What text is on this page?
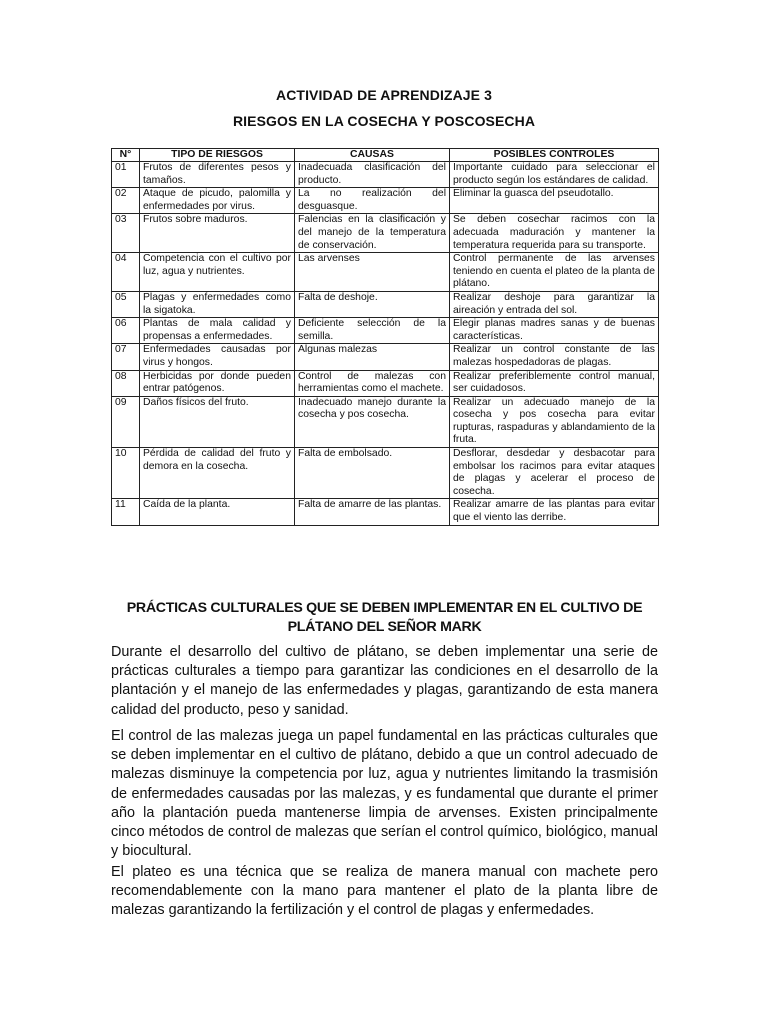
ACTIVIDAD DE APRENDIZAJE 3
RIESGOS EN LA COSECHA Y POSCOSECHA
N°	TIPO DE RIESGOS	CAUSAS	POSIBLES CONTROLES
01	Frutos de diferentes pesos y tamaños.	Inadecuada clasificación del producto.	Importante cuidado para seleccionar el producto según los estándares de calidad.
02	Ataque de picudo, palomilla y enfermedades por virus.	La no realización del desguasque.	Eliminar la guasca del pseudotallo.
03	Frutos sobre maduros.	Falencias en la clasificación y del manejo de la temperatura de conservación.	Se deben cosechar racimos con la adecuada maduración y mantener la temperatura requerida para su transporte.
04	Competencia con el cultivo por luz, agua y nutrientes.	Las arvenses	Control permanente de las arvenses teniendo en cuenta el plateo de la planta de plátano.
05	Plagas y enfermedades como la sigatoka.	Falta de deshoje.	Realizar deshoje para garantizar la aireación y entrada del sol.
06	Plantas de mala calidad y propensas a enfermedades.	Deficiente selección de la semilla.	Elegir planas madres sanas y de buenas características.
07	Enfermedades causadas por virus y hongos.	Algunas malezas	Realizar un control constante de las malezas hospedadoras de plagas.
08	Herbicidas por donde pueden entrar patógenos.	Control de malezas con herramientas como el machete.	Realizar preferiblemente control manual, ser cuidadosos.
09	Daños físicos del fruto.	Inadecuado manejo durante la cosecha y pos cosecha.	Realizar un adecuado manejo de la cosecha y pos cosecha para evitar rupturas, raspaduras y ablandamiento de la fruta.
10	Pérdida de calidad del fruto y demora en la cosecha.	Falta de embolsado.	Desflorar, desdedar y desbacotar para embolsar los racimos para evitar ataques de plagas y acelerar el proceso de cosecha.
11	Caída de la planta.	Falta de amarre de las plantas.	Realizar amarre de las plantas para evitar que el viento las derribe.
PRÁCTICAS CULTURALES QUE SE DEBEN IMPLEMENTAR EN EL CULTIVO DE PLÁTANO DEL SEÑOR MARK

Durante el desarrollo del cultivo de plátano, se deben implementar una serie de prácticas culturales a tiempo para garantizar las condiciones en el desarrollo de la plantación y el manejo de las enfermedades y plagas, garantizando de esta manera calidad del producto, peso y sanidad.

El control de las malezas juega un papel fundamental en las prácticas culturales que se deben implementar en el cultivo de plátano, debido a que un control adecuado de malezas disminuye la competencia por luz, agua y nutrientes limitando la trasmisión de enfermedades causadas por las malezas, y es fundamental que durante el primer año la plantación pueda mantenerse limpia de arvenses. Existen principalmente cinco métodos de control de malezas que serían el control químico, biológico, manual y biocultural.

El plateo es una técnica que se realiza de manera manual con machete pero recomendablemente con la mano para mantener el plato de la planta libre de malezas garantizando la fertilización y el control de plagas y enfermedades.
